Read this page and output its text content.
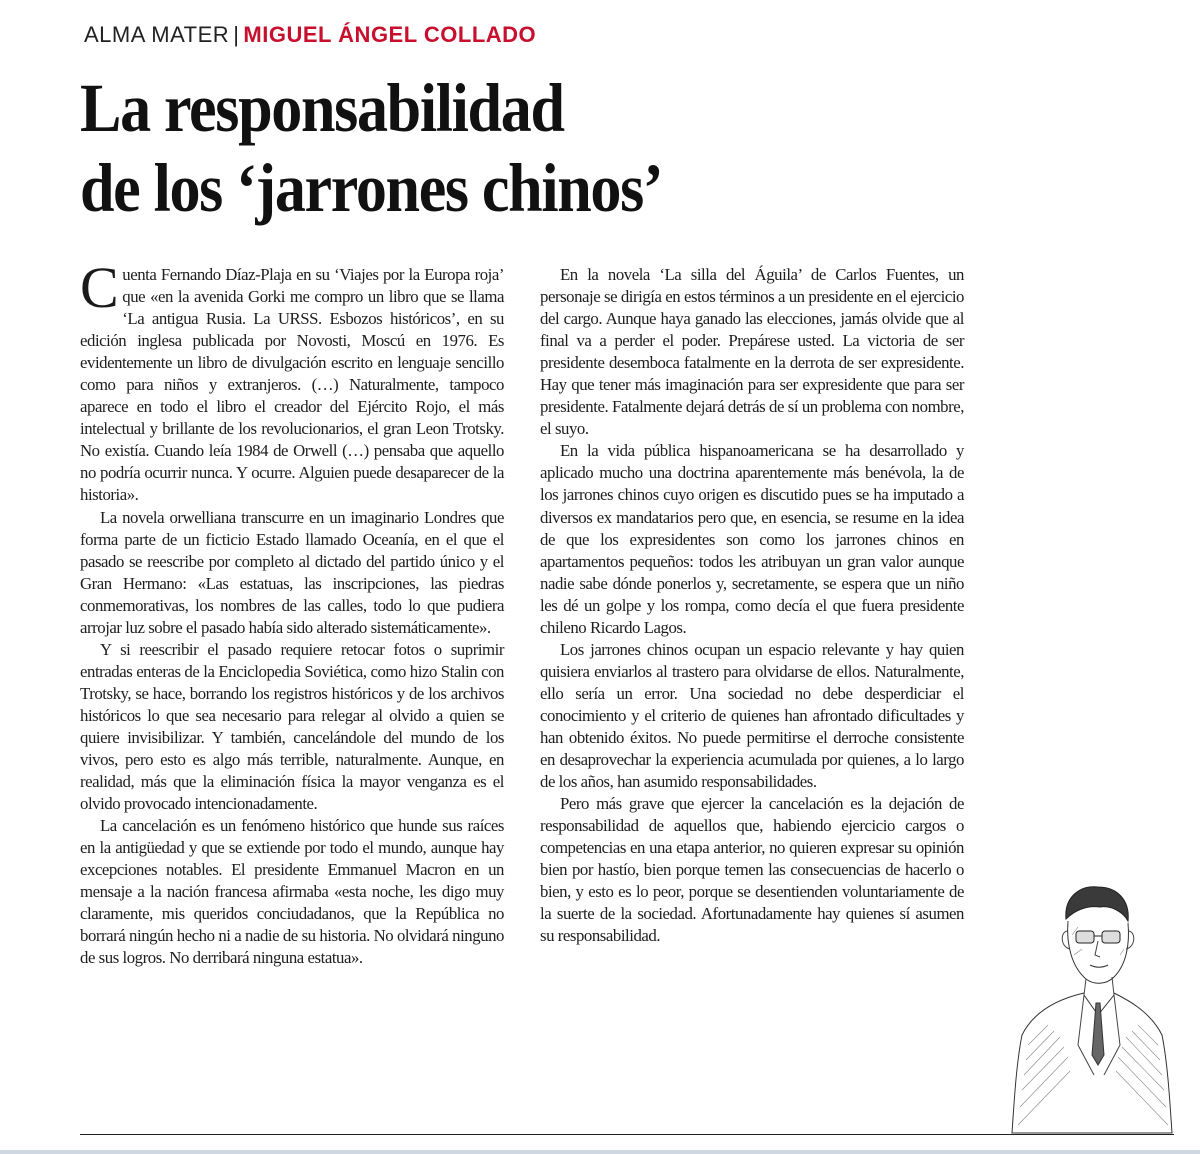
ALMA MATER | MIGUEL ÁNGEL COLLADO
La responsabilidad
de los ‘jarrones chinos’

Cuenta Fernando Díaz-Plaja en su ‘Viajes por la Europa roja’ que «en la avenida Gorki me compro un libro que se llama ‘La antigua Rusia. La URSS. Esbozos históricos’, en su edición inglesa publicada por Novosti, Moscú en 1976. Es evidentemente un libro de divulgación escrito en lenguaje sencillo como para niños y extranjeros. (…) Naturalmente, tampoco aparece en todo el libro el creador del Ejército Rojo, el más intelectual y brillante de los revolucionarios, el gran Leon Trotsky. No existía. Cuando leía 1984 de Orwell (…) pensaba que aquello no podría ocurrir nunca. Y ocurre. Alguien puede desaparecer de la historia».

La novela orwelliana transcurre en un imaginario Londres que forma parte de un ficticio Estado llamado Oceanía, en el que el pasado se reescribe por completo al dictado del partido único y el Gran Hermano: «Las estatuas, las inscripciones, las piedras conmemorativas, los nombres de las calles, todo lo que pudiera arrojar luz sobre el pasado había sido alterado sistemáticamente».

Y si reescribir el pasado requiere retocar fotos o suprimir entradas enteras de la Enciclopedia Soviética, como hizo Stalin con Trotsky, se hace, borrando los registros históricos y de los archivos históricos lo que sea necesario para relegar al olvido a quien se quiere invisibilizar. Y también, cancelándole del mundo de los vivos, pero esto es algo más terrible, naturalmente. Aunque, en realidad, más que la eliminación física la mayor venganza es el olvido provocado intencionadamente.

La cancelación es un fenómeno histórico que hunde sus raíces en la antigüedad y que se extiende por todo el mundo, aunque hay excepciones notables. El presidente Emmanuel Macron en un mensaje a la nación francesa afirmaba «esta noche, les digo muy claramente, mis queridos conciudadanos, que la República no borrará ningún hecho ni a nadie de su historia. No olvidará ninguno de sus logros. No derribará ninguna estatua».

En la novela ‘La silla del Águila’ de Carlos Fuentes, un personaje se dirigía en estos términos a un presidente en el ejercicio del cargo. Aunque haya ganado las elecciones, jamás olvide que al final va a perder el poder. Prepárese usted. La victoria de ser presidente desemboca fatalmente en la derrota de ser expresidente. Hay que tener más imaginación para ser expresidente que para ser presidente. Fatalmente dejará detrás de sí un problema con nombre, el suyo.

En la vida pública hispanoamericana se ha desarrollado y aplicado mucho una doctrina aparentemente más benévola, la de los jarrones chinos cuyo origen es discutido pues se ha imputado a diversos ex mandatarios pero que, en esencia, se resume en la idea de que los expresidentes son como los jarrones chinos en apartamentos pequeños: todos les atribuyan un gran valor aunque nadie sabe dónde ponerlos y, secretamente, se espera que un niño les dé un golpe y los rompa, como decía el que fuera presidente chileno Ricardo Lagos.

Los jarrones chinos ocupan un espacio relevante y hay quien quisiera enviarlos al trastero para olvidarse de ellos. Naturalmente, ello sería un error. Una sociedad no debe desperdiciar el conocimiento y el criterio de quienes han afrontado dificultades y han obtenido éxitos. No puede permitirse el derroche consistente en desaprovechar la experiencia acumulada por quienes, a lo largo de los años, han asumido responsabilidades.

Pero más grave que ejercer la cancelación es la dejación de responsabilidad de aquellos que, habiendo ejercicio cargos o competencias en una etapa anterior, no quieren expresar su opinión bien por hastío, bien porque temen las consecuencias de hacerlo o bien, y esto es lo peor, porque se desentienden voluntariamente de la suerte de la sociedad. Afortunadamente hay quienes sí asumen su responsabilidad.
